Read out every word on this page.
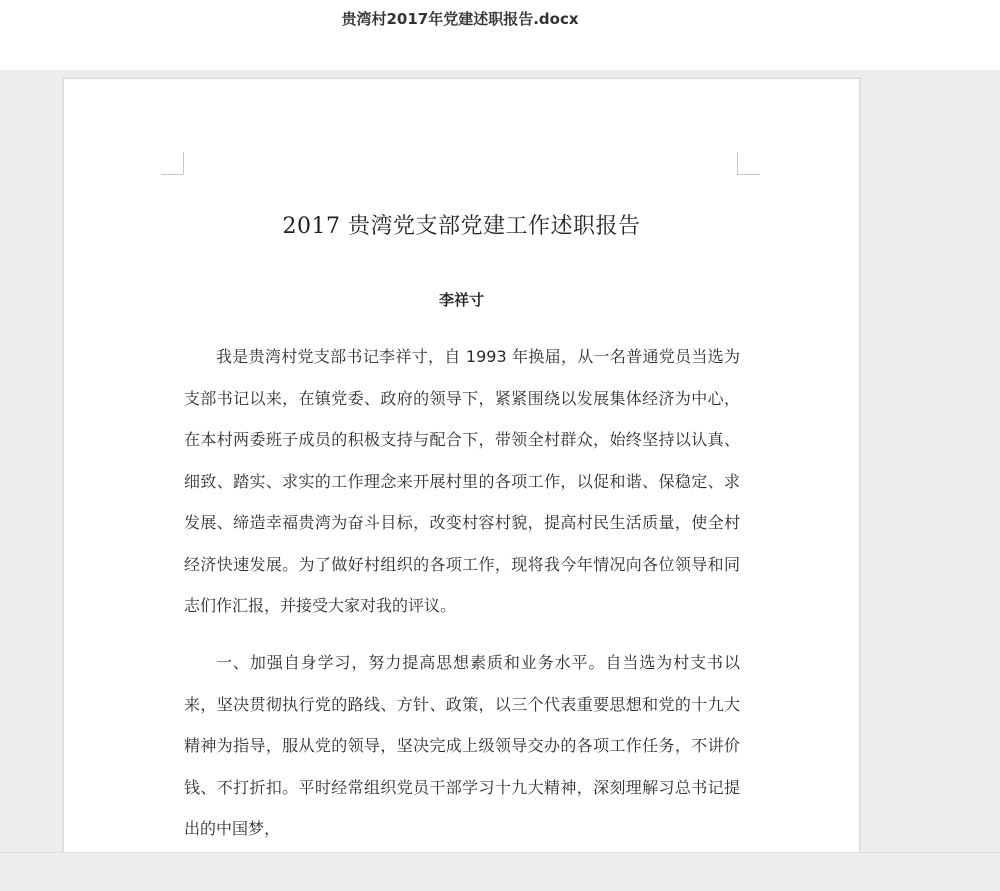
贵湾村2017年党建述职报告.docx
2017 贵湾党支部党建工作述职报告
李祥寸

我是贵湾村党支部书记李祥寸，自 1993 年换届，从一名普通党员当选为支部书记以来，在镇党委、政府的领导下，紧紧围绕以发展集体经济为中心，在本村两委班子成员的积极支持与配合下，带领全村群众，始终坚持以认真、细致、踏实、求实的工作理念来开展村里的各项工作，以促和谐、保稳定、求发展、缔造幸福贵湾为奋斗目标，改变村容村貌，提高村民生活质量，使全村经济快速发展。为了做好村组织的各项工作，现将我今年情况向各位领导和同志们作汇报，并接受大家对我的评议。

一、加强自身学习，努力提高思想素质和业务水平。自当选为村支书以来，坚决贯彻执行党的路线、方针、政策，以三个代表重要思想和党的十九大精神为指导，服从党的领导，坚决完成上级领导交办的各项工作任务，不讲价钱、不打折扣。平时经常组织党员干部学习十九大精神，深刻理解习总书记提出的中国梦，
